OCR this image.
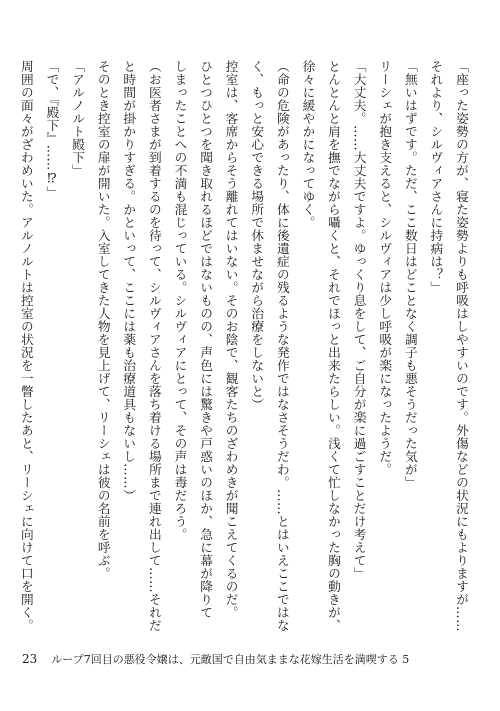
「座った姿勢の方が、寝た姿勢よりも呼吸はしやすいのです。外傷などの状況にもよりますが……
それより、シルヴィアさんに持病は？」
「無いはずです。ただ、ここ数日はどことなく調子も悪そうだった気が」
リーシェが抱き支えると、シルヴィアは少し呼吸が楽になったようだ。
「大丈夫。……大丈夫ですよ。ゆっくり息をして、ご自分が楽に過ごすことだけ考えて」
とんとんと肩を撫でながら囁くと、それでほっと出来たらしい。浅くて忙しなかった胸の動きが、
徐々に緩やかになってゆく。
（命の危険があったり、体に後遺症の残るような発作ではなさそうだわ。……とはいえここではな
く、もっと安心できる場所で休ませながら治療をしないと）
控室は、客席からそう離れてはいない。そのお陰で、観客たちのざわめきが聞こえてくるのだ。
ひとつひとつを聞き取れるほどではないものの、声色には驚きや戸惑いのほか、急に幕が降りて
しまったことへの不満も混じっている。シルヴィアにとって、その声は毒だろう。
（お医者さまが到着するのを待って、シルヴィアさんを落ち着ける場所まで連れ出して……それだ
と時間が掛かりすぎる。かといって、ここには薬も治療道具もないし……）
そのとき控室の扉が開いた。入室してきた人物を見上げて、リーシェは彼の名前を呼ぶ。
「アルノルト殿下」
「で、『殿下』……⁉」
周囲の面々がざわめいた。アルノルトは控室の状況を一瞥したあと、リーシェに向けて口を開く。
23 ループ7回目の悪役令嬢は、元敵国で自由気ままな花嫁生活を満喫する 5
